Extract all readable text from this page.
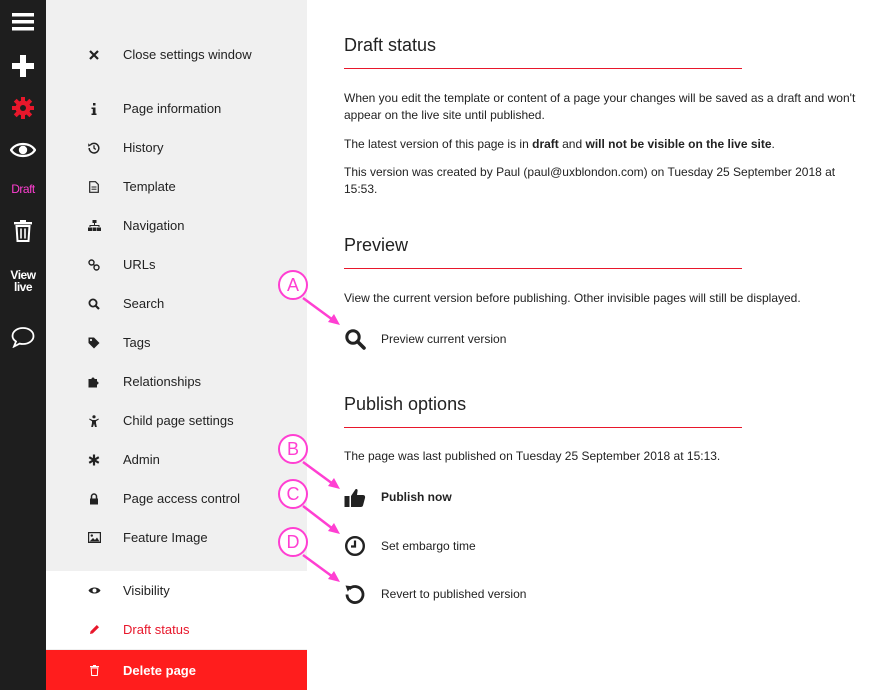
Draft
View
live
Close settings window
Page information
History
Template
Navigation
URLs
Search
Tags
Relationships
Child page settings
Admin
Page access control
Feature Image
Visibility
Draft status
Delete page
Draft status

When you edit the template or content of a page your changes will be saved as a draft and won't appear on the live site until published.

The latest version of this page is in draft and will not be visible on the live site.

This version was created by Paul (paul@uxblondon.com) on Tuesday 25 September 2018 at 15:53.

Preview

View the current version before publishing. Other invisible pages will still be displayed.

Preview current version
Publish options

The page was last published on Tuesday 25 September 2018 at 15:13.

Publish now
Set embargo time
Revert to published version
A
B
C
D
